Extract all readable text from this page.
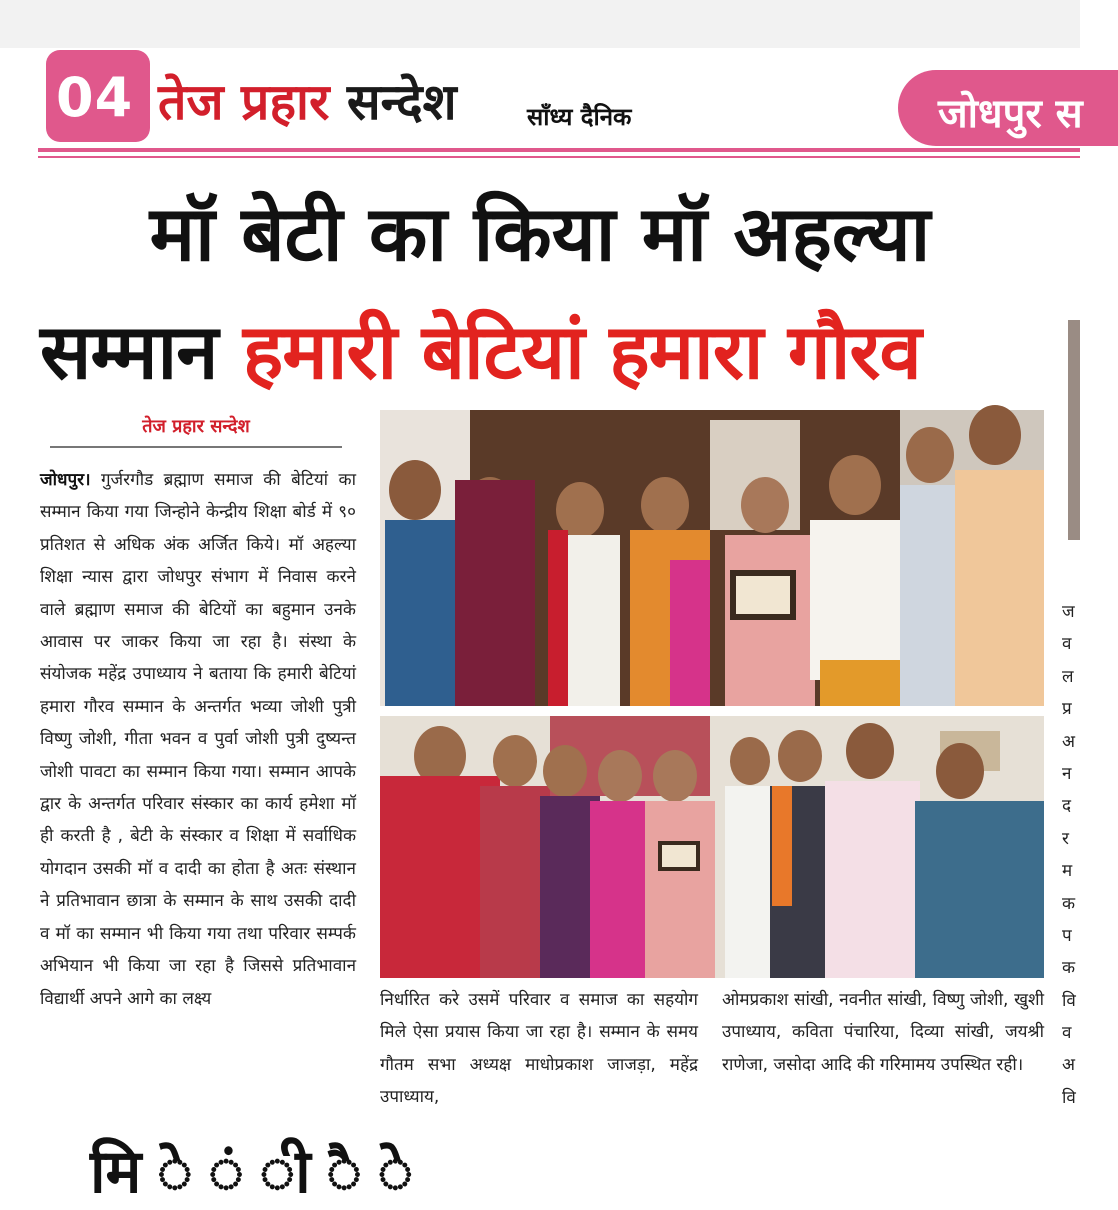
04 तेज प्रहार सन्देश	साँध्य दैनिक	जोधपुर स
मॉ बेटी का किया मॉ अहल्या
सम्मान हमारी बेटियां हमारा गौरव
तेज प्रहार सन्देश
जोधपुर। गुर्जरगौड ब्रह्माण समाज की बेटियां का सम्मान किया गया जिन्होने केन्द्रीय शिक्षा बोर्ड में ९० प्रतिशत से अधिक अंक अर्जित किये। मॉ अहल्या शिक्षा न्यास द्वारा जोधपुर संभाग में निवास करने वाले ब्रह्माण समाज की बेटियों का बहुमान उनके आवास पर जाकर किया जा रहा है। संस्था के संयोजक महेंद्र उपाध्याय ने बताया कि हमारी बेटियां हमारा गौरव सम्मान के अन्तर्गत भव्या जोशी पुत्री विष्णु जोशी, गीता भवन व पुर्वा जोशी पुत्री दुष्यन्त जोशी पावटा का सम्मान किया गया। सम्मान आपके द्वार के अन्तर्गत परिवार संस्कार का कार्य हमेशा मॉ ही करती है , बेटी के संस्कार व शिक्षा में सर्वाधिक योगदान उसकी मॉ व दादी का होता है अतः संस्थान ने प्रतिभावान छात्रा के सम्मान के साथ उसकी दादी व मॉ का सम्मान भी किया गया तथा परिवार सम्पर्क अभियान भी किया जा रहा है जिससे प्रतिभावान विद्यार्थी अपने आगे का लक्ष्य	निर्धारित करे उसमें परिवार व समाज का सहयोग मिले ऐसा प्रयास किया जा रहा है। सम्मान के समय गौतम सभा अध्यक्ष माधोप्रकाश जाजड़ा, महेंद्र उपाध्याय,
ओमप्रकाश सांखी, नवनीत सांखी, विष्णु जोशी, खुशी उपाध्याय, कविता पंचारिया, दिव्या सांखी, जयश्री राणेजा, जसोदा आदि की गरिमामय उपस्थित रही।
ज
व
ल
प्र
अ
न
द
र
म
क
प
क
वि
व
अ
वि
मि े ं ी ै े
